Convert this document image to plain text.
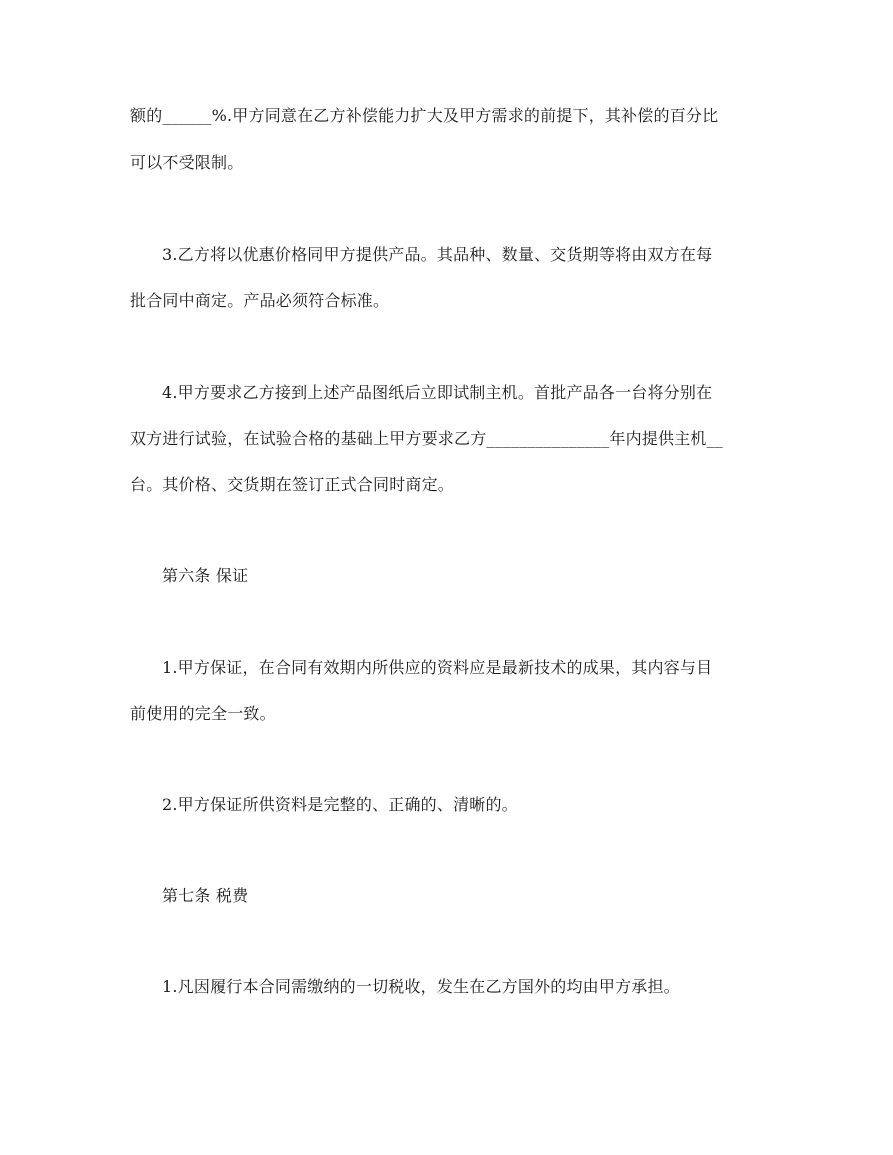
额的______%.甲方同意在乙方补偿能力扩大及甲方需求的前提下，其补偿的百分比
可以不受限制。
3.乙方将以优惠价格同甲方提供产品。其品种、数量、交货期等将由双方在每
批合同中商定。产品必须符合标准。
4.甲方要求乙方接到上述产品图纸后立即试制主机。首批产品各一台将分别在
双方进行试验，在试验合格的基础上甲方要求乙方_______________年内提供主机__
台。其价格、交货期在签订正式合同时商定。
第六条 保证
1.甲方保证，在合同有效期内所供应的资料应是最新技术的成果，其内容与目
前使用的完全一致。
2.甲方保证所供资料是完整的、正确的、清晰的。
第七条 税费
1.凡因履行本合同需缴纳的一切税收，发生在乙方国外的均由甲方承担。
